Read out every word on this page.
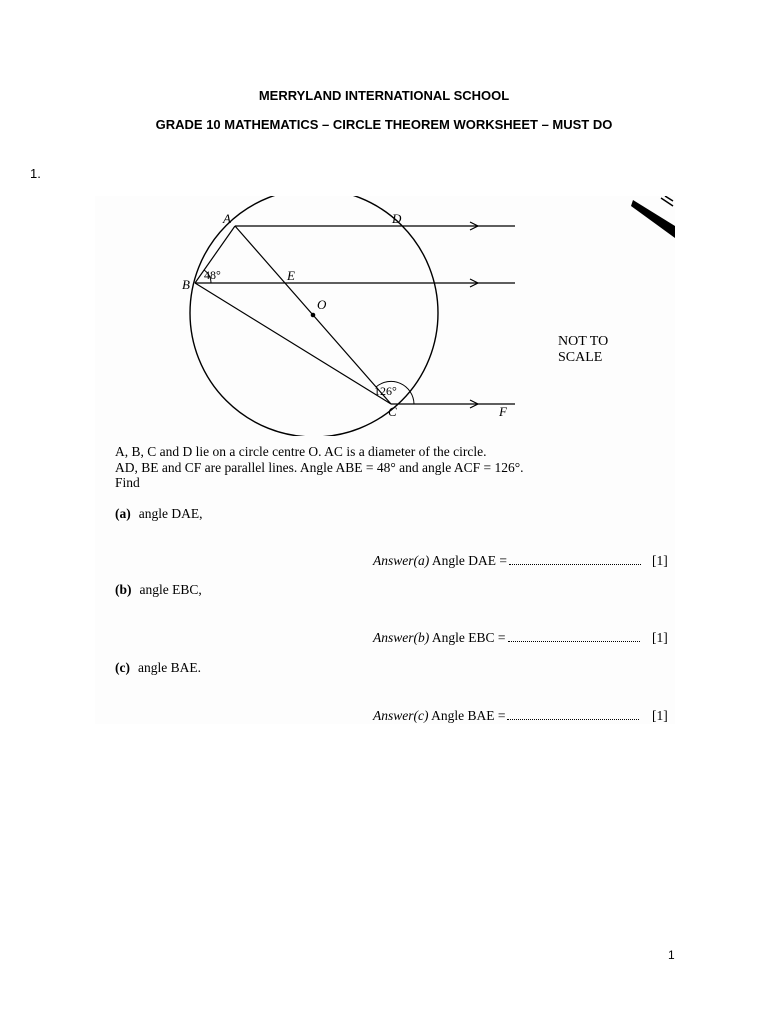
MERRYLAND INTERNATIONAL SCHOOL
GRADE 10 MATHEMATICS – CIRCLE THEOREM WORKSHEET – MUST DO
1.
A
B
C
D
E
F
O
48°
126°
NOT TO
SCALE
A, B, C and D lie on a circle centre O. AC is a diameter of the circle.
AD, BE and CF are parallel lines. Angle ABE = 48° and angle ACF = 126°.
Find
(a) angle DAE,
Answer(a) Angle DAE =	[1]
(b) angle EBC,
Answer(b) Angle EBC =	[1]
(c) angle BAE.
Answer(c) Angle BAE =	[1]
1
